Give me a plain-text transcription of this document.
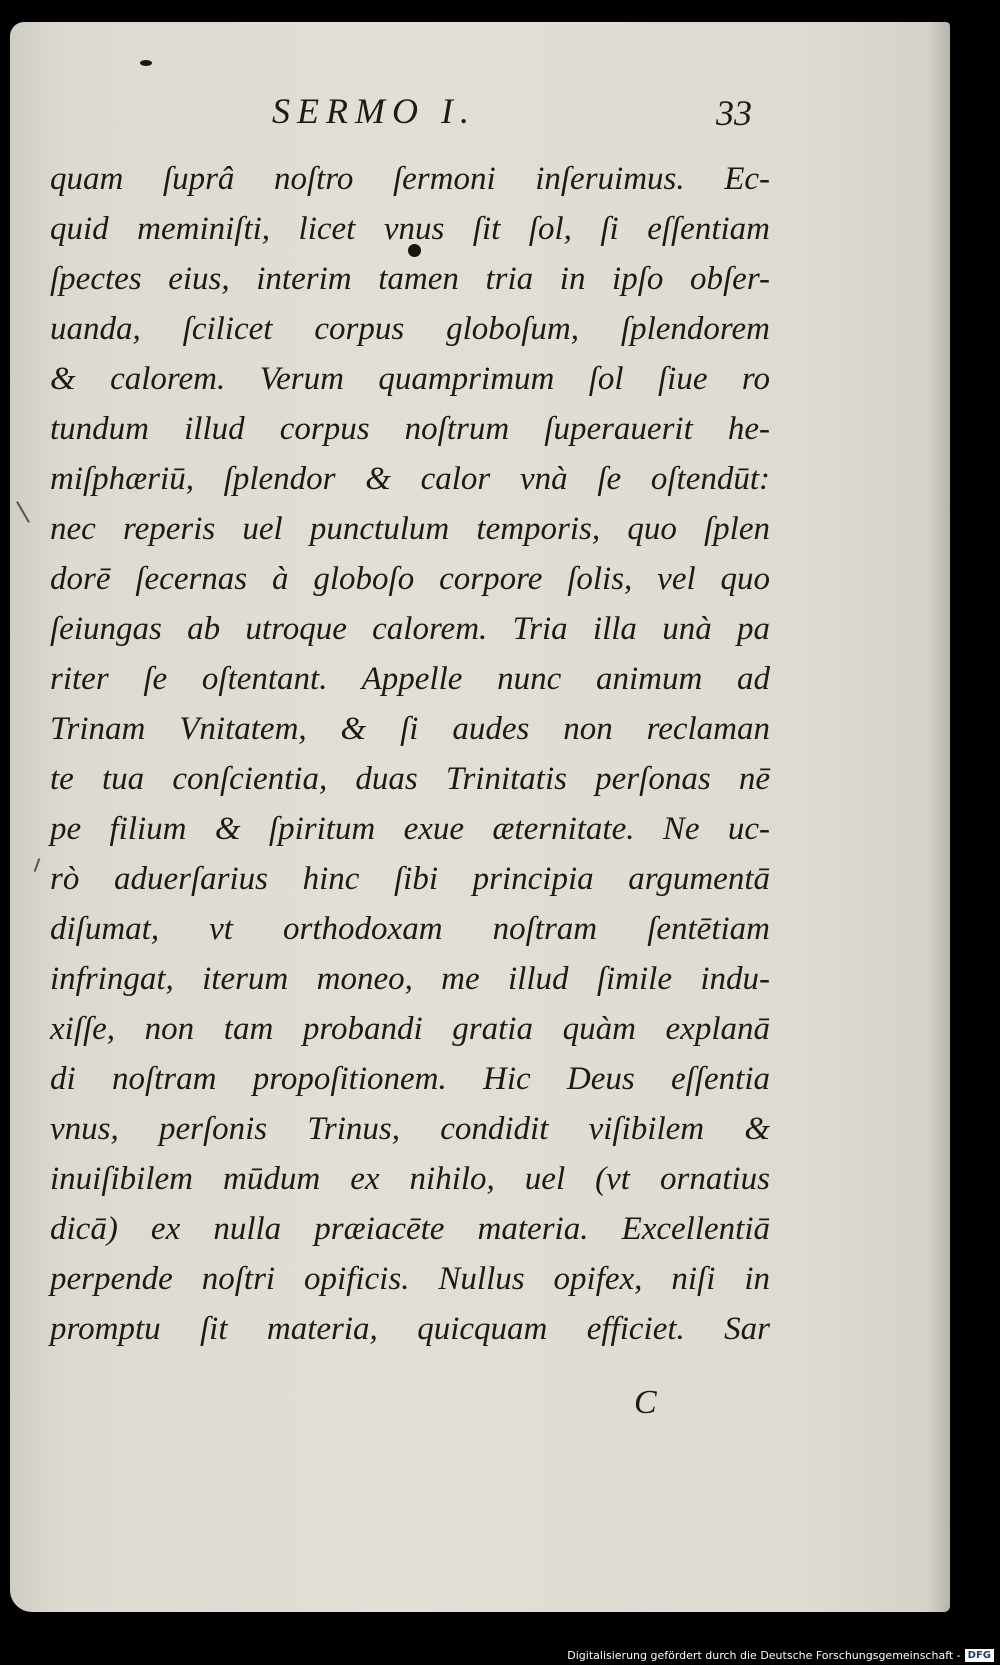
SERMO I.	33
quam ſuprâ noſtro ſermoni inſeruimus. Ec-
quid meminiſti, licet vnus ſit ſol, ſi eſſentiam
ſpectes eius, interim tamen tria in ipſo obſer-
uanda, ſcilicet corpus globoſum, ſplendorem
& calorem. Verum quamprimum ſol ſiue ro
tundum illud corpus noſtrum ſuperauerit he-
miſphæriū, ſplendor & calor vnà ſe oſtendūt:
nec reperis uel punctulum temporis, quo ſplen
dorē ſecernas à globoſo corpore ſolis, vel quo
ſeiungas ab utroque calorem. Tria illa unà pa
riter ſe oſtentant. Appelle nunc animum ad
Trinam Vnitatem, & ſi audes non reclaman
te tua conſcientia, duas Trinitatis perſonas nē
pe filium & ſpiritum exue æternitate. Ne uc-
rò aduerſarius hinc ſibi principia argumentā
diſumat, vt orthodoxam noſtram ſentētiam
infringat, iterum moneo, me illud ſimile indu-
xiſſe, non tam probandi gratia quàm explanā
di noſtram propoſitionem. Hic Deus eſſentia
vnus, perſonis Trinus, condidit viſibilem &
inuiſibilem mūdum ex nihilo, uel (vt ornatius
dicā) ex nulla præiacēte materia. Excellentiā
perpende noſtri opificis. Nullus opifex, niſi in
promptu ſit materia, quicquam efficiet. Sar
C
Digitalisierung gefördert durch die Deutsche Forschungsgemeinschaft - DFG
